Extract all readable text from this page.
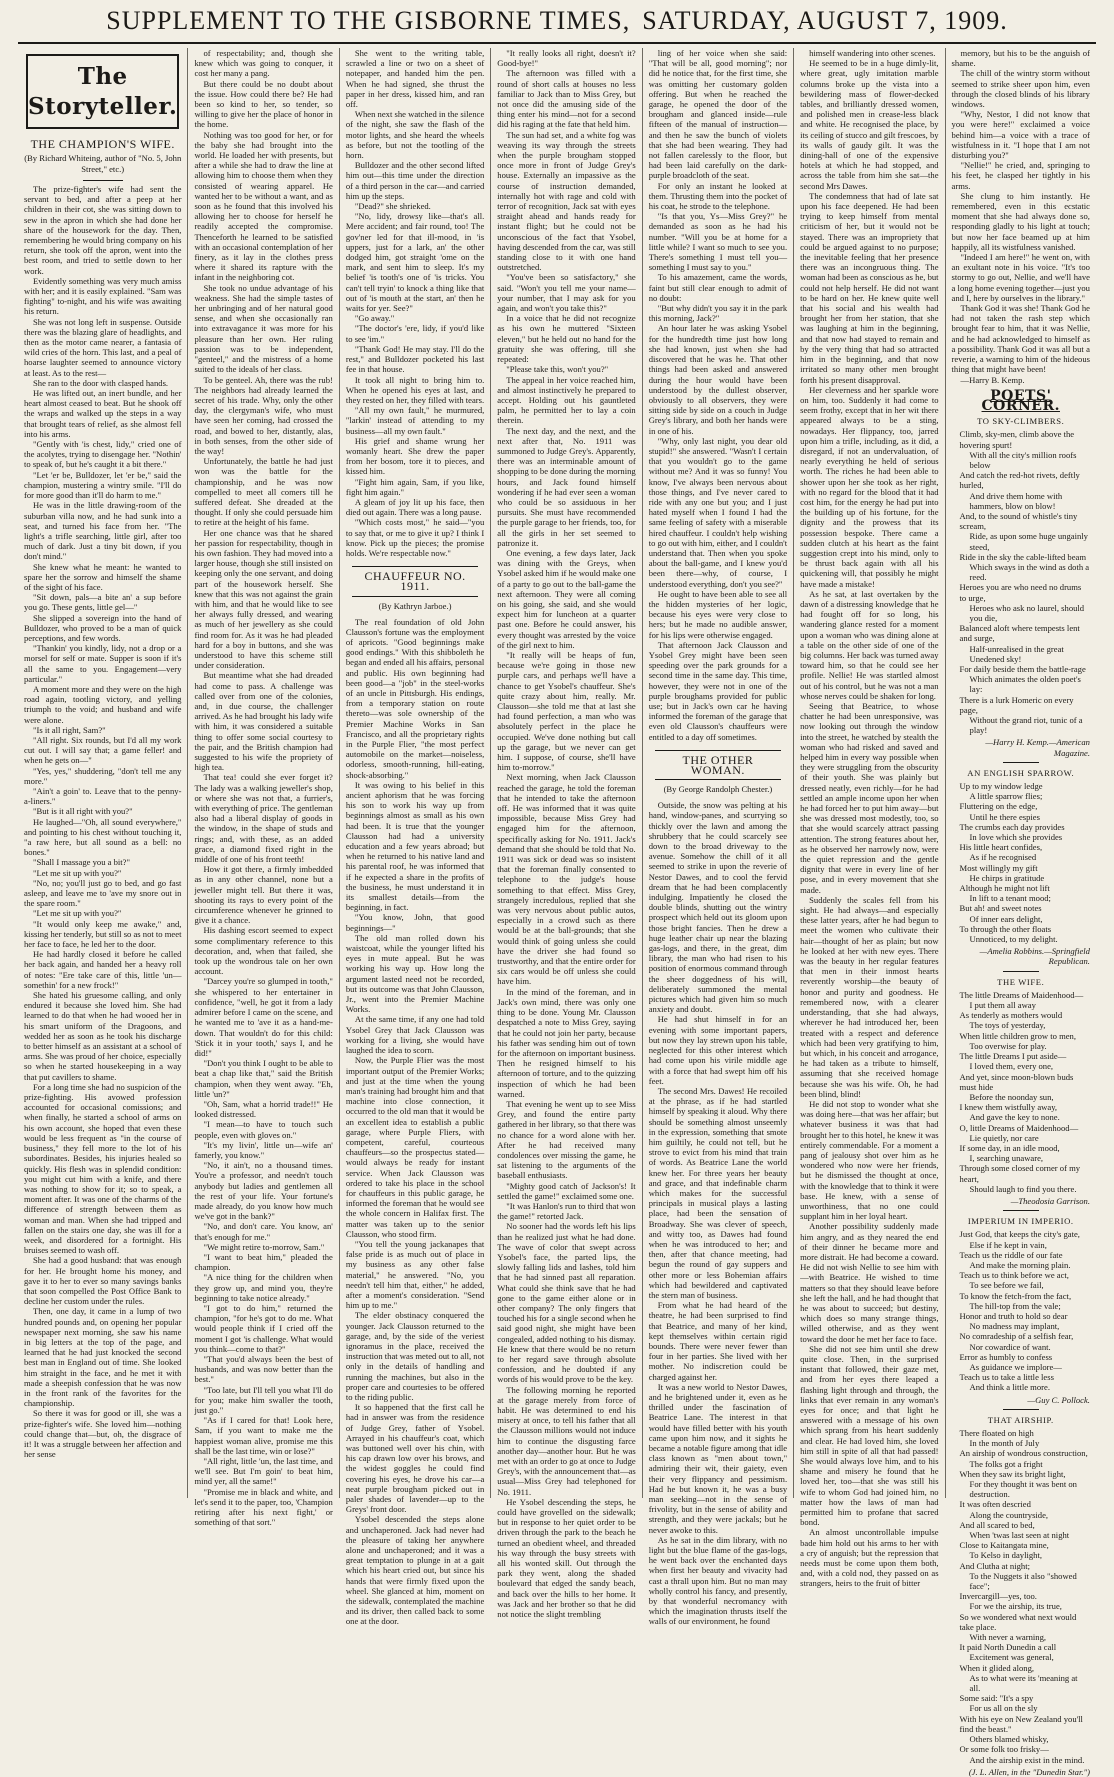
SUPPLEMENT TO THE GISBORNE TIMES, SATURDAY, AUGUST 7, 1909.
The Storyteller.
THE CHAMPION'S WIFE.
(By Richard Whiteing, author of "No. 5, John Street," etc.)

The prize-fighter's wife had sent the servant to bed, and after a peep at her children in their cot, she was sitting down to sew in the apron in which she had done her share of the housework for the day. Then, remembering he would bring company on his return, she took off the apron, went into the best room, and tried to settle down to her work.

Evidently something was very much amiss with her; and it is easily explained. "Sam was fighting" to-night, and his wife was awaiting his return.

She was not long left in suspense. Outside there was the blazing glare of headlights, and then as the motor came nearer, a fantasia of wild cries of the horn. This last, and a peal of hoarse laughter seemed to announce victory at least. As to the rest—

She ran to the door with clasped hands.

He was lifted out, an inert bundle, and her heart almost ceased to beat. But he shook off the wraps and walked up the steps in a way that brought tears of relief, as she almost fell into his arms.

"Gently with 'is chest, lidy," cried one of the acolytes, trying to disengage her. "Nothin' to speak of, but he's caught it a bit there."

"Let 'er be, Bulldozer, let 'er be," said the champion, mustering a wintry smile. "I'll do for more good than it'll do harm to me."

He was in the little drawing-room of the suburban villa now, and he had sunk into a seat, and turned his face from her. "The light's a trifle searching, little girl, after too much of dark. Just a tiny bit down, if you don't mind."

She knew what he meant: he wanted to spare her the sorrow and himself the shame of the sight of his face.

"Sit down, pals—a bite an' a sup before you go. These gents, little gel—"

She slipped a sovereign into the hand of Bulldozer, who proved to be a man of quick perceptions, and few words.

"Thankin' you kindly, lidy, not a drop or a morsel for self or mate. Supper is soon if it's all the same to you. Engagement—very particular."

A moment more and they were on the high road again, tootling victory, and yelling triumph to the void; and husband and wife were alone.

"Is it all right, Sam?"

"All right. Six rounds, but I'd all my work cut out. I will say that; a game feller! and when he gets on—"

"Yes, yes," shuddering, "don't tell me any more."

"Ain't a goin' to. Leave that to the penny-a-liners."

"But is it all right with you?"

He laughed—"Oh, all sound everywhere," and pointing to his chest without touching it, "a raw here, but all sound as a bell: no bones."

"Shall I massage you a bit?"

"Let me sit up with you?"

"No, no; you'll just go to bed, and go fast asleep, and leave me to 'ave my snore out in the spare room."

"Let me sit up with you?"

"It would only keep me awake," and, kissing her tenderly, but still so as not to meet her face to face, he led her to the door.

He had hardly closed it before he called her back again, and handed her a heavy roll of notes: "Ere take care of this, little 'un—somethin' for a new frock!"

She hated his gruesome calling, and only endured it because she loved him. She had learned to do that when he had wooed her in his smart uniform of the Dragoons, and wedded her as soon as he took his discharge to better himself as an assistant at a school of arms. She was proud of her choice, especially so when he started housekeeping in a way that put cavillers to shame.

For a long time she had no suspicion of the prize-fighting. His avowed profession accounted for occasional comissions; and when finally, he started a school of arms on his own account, she hoped that even these would be less frequent as "in the course of business," they fell more to the lot of his subordinates. Besides, his injuries healed so quickly. His flesh was in splendid condition: you might cut him with a knife, and there was nothing to show for it; so to speak, a moment after. It was one of the charms of the difference of strength between them as woman and man. When she had tripped and fallen on the stairs one day, she was ill for a week, and disordered for a fortnight. His bruises seemed to wash off.

She had a good husband: that was enough for her. He brought home his money, and gave it to her to ever so many savings banks that soon compelled the Post Office Bank to decline her custom under the rules.

Then, one day, it came in a lump of two hundred pounds and, on opening her popular newspaper next morning, she saw his name in big letters at the top of the page, and learned that he had just knocked the second best man in England out of time. She looked him straight in the face, and he met it with made a sheepish confession that he was now in the front rank of the favorites for the championship.

So there it was for good or ill, she was a prize-fighter's wife. She loved him—nothing could change that—but, oh, the disgrace of it! It was a struggle between her affection and her sense

of respectability; and, though she knew which was going to conquer, it cost her many a pang.

But there could be no doubt about the issue. How could there be? He had been so kind to her, so tender, so willing to give her the place of honor in the home.

Nothing was too good for her, or for the baby she had brought into the world. He loaded her with presents, but after a while she had to draw the line at allowing him to choose them when they consisted of wearing apparel. He wanted her to be without a want, and as soon as he found that this involved his allowing her to choose for herself he readily accepted the compromise. Thenceforth he learned to be satisfied with an occasional contemplation of her finery, as it lay in the clothes press where it shared its rapture with the infant in the neighboring cot.

She took no undue advantage of his weakness. She had the simple tastes of her unbringing and of her natural good sense, and when she occasionally ran into extravagance it was more for his pleasure than her own. Her ruling passion was to be independent, "genteel," and the mistress of a home suited to the ideals of her class.

To be genteel. Ah, there was the rub! The neighbors had already learned the secret of his trade. Why, only the other day, the clergyman's wife, who must have seen her coming, had crossed the road, and bowed to her, distantly, alas, in both senses, from the other side of the way!

Unfortunately, the battle he had just won was the battle for the championship, and he was now compelled to meet all comers till he suffered defeat. She dreaded at the thought. If only she could persuade him to retire at the height of his fame.

Her one chance was that he shared her passion for respectability, though in his own fashion. They had moved into a larger house, though she still insisted on keeping only the one servant, and doing part of the housework herself. She knew that this was not against the grain with him, and that he would like to see her always fully dressed, and wearing as much of her jewellery as she could find room for. As it was he had pleaded hard for a boy in buttons, and she was understood to have this scheme still under consideration.

But meantime what she had dreaded had come to pass. A challenge was called over from one of the colonies, and, in due course, the challenger arrived. As he had brought his lady wife with him, it was considered a suitable thing to offer some social courtesy to the pair, and the British champion had suggested to his wife the propriety of high tea.

That tea! could she ever forget it? The lady was a walking jeweller's shop, or where she was not that, a furrier's, with everything of price. The gentleman also had a liberal display of goods in the window, in the shape of studs and rings; and, with these, as an added grace, a diamond fixed right in the middle of one of his front teeth!

How it got there, a firmly imbedded as in any other channel, none but a jeweller might tell. But there it was, shooting its rays to every point of the circumference whenever he grinned to give it a chance.

His dashing escort seemed to expect some complimentary reference to this decoration, and, when that failed, she took up the wondrous tale on her own account.

"Darcey you're so glumped in tooth," she whispered to her entertainer in confidence, "well, he got it from a lady admirer before I came on the scene, and he wanted me to 'ave it as a hand-me-down. That wouldn't do for this child: 'Stick it in your tooth,' says I, and he did!"

"Don't you think I ought to be able to beat a chap like that," said the British champion, when they went away. "Eh, little 'un?"

"Oh, Sam, what a horrid trade!!" He looked distressed.

"I mean—to have to touch such people, even with gloves on."

"It's my livin', little un—wife an' famerly, you know."

"No, it ain't, no a thousand times. You're a professor, and needn't touch anybody but ladies and gentlemen all the rest of your life. Your fortune's made already, do you know how much we've got in the bank?"

"No, and don't care. You know, an' that's enough for me."

"We might retire to-morrow, Sam."

"I want to beat him," pleaded the champion.

"A nice thing for the children when they grow up, and mind you, they're beginning to take notice already."

"I got to do him," returned the champion, "for he's got to do me. What would people think if I cried off the moment I got 'is challenge. What would you think—come to that?"

"That you'd always been the best of husbands, and was now better than the best."

"Too late, but I'll tell you what I'll do for you; make him swaller the tooth, just go."

"As if I cared for that! Look here, Sam, if you want to make me the happiest woman alive, promise me this shall be the last time, win or lose?"

"All right, little 'un, the last time, and we'll see. But I'm goin' to beat him, mind yer, all the same!"

"Promise me in black and white, and let's send it to the paper, too, 'Champion retiring after his next fight,' or something of that sort."

She went to the writing table, scrawled a line or two on a sheet of notepaper, and handed him the pen. When he had signed, she thrust the paper in her dress, kissed him, and ran off.

When next she watched in the silence of the night, she saw the flash of the motor lights, and she heard the wheels as before, but not the tootling of the horn.

Bulldozer and the other second lifted him out—this time under the direction of a third person in the car—and carried him up the steps.

"Dead?" she shrieked.

"No, lidy, drowsy like—that's all. Mere accident; and fair round, too! The gov'ner led for that ill-mood, in 'is uppers, just for a lark, an' the other dodged him, got straight 'ome on the mark, and sent him to sleep. It's my belief 'is tooth's one of 'is tricks. You can't tell tryin' to knock a thing like that out of 'is mouth at the start, an' then he waits for yer. See?"

"Go away."

"The doctor's 'ere, lidy, if you'd like to see 'im."

"Thank God! He may stay. I'll do the rest," and Bulldozer pocketed his last fee in that house.

It took all night to bring him to. When he opened his eyes at last, and they rested on her, they filled with tears.

"All my own fault," he murmured, "larkin' instead of attending to my business—all my own fault."

His grief and shame wrung her womanly heart. She drew the paper from her bosom, tore it to pieces, and kissed him.

"Fight him again, Sam, if you like, fight him again."

A gleam of joy lit up his face, then died out again. There was a long pause.

"Which costs most," he said—"you to say that, or me to give it up? I think I know. Pick up the pieces; the promise holds. We're respectable now."

CHAUFFEUR NO. 1911.
(By Kathryn Jarboe.)

The real foundation of old John Clausson's fortune was the employment of apricots. "Good beginnings make good endings." With this shibboleth he began and ended all his affairs, personal and public. His own beginning had been good—a "job" in the steel-works of an uncle in Pittsburgh. His endings, from a temporary station on route thereto—was sole ownership of the Premier Machine Works in San Francisco, and all the proprietary rights in the Purple Flier, "the most perfect automobile on the market—noiseless, odorless, smooth-running, hill-eating, shock-absorbing."

It was owing to his belief in this ancient aphorism that he was forcing his son to work his way up from beginnings almost as small as his own had been. It is true that the younger Clausson had had a university education and a few years abroad; but when he returned to his native land and his parental roof, he was informed that if he expected a share in the profits of the business, he must understand it in its smallest details—from the beginning, in fact.

"You know, John, that good beginnings—"

The old man rolled down his waistcoat, while the younger lifted his eyes in mute appeal. But he was working his way up. How long the argument lasted need not be recorded, but its outcome was that John Clausson, Jr., went into the Premier Machine Works.

At the same time, if any one had told Ysobel Grey that Jack Clausson was working for a living, she would have laughed the idea to scorn.

Now, the Purple Flier was the most important output of the Premier Works; and just at the time when the young man's training had brought him and that machine into close connection, it occurred to the old man that it would be an excellent idea to establish a public garage, where Purple Fliers, with competent, careful, courteous chauffeurs—so the prospectus stated—would always be ready for instant service. When Jack Clausson was ordered to take his place in the school for chauffeurs in this public garage, he informed the foreman that he would see the whole concern in Halifax first. The matter was taken up to the senior Clausson, who stood firm.

"You tell the young jackanapes that false pride is as much out of place in my business as any other false material," he answered. "No, you needn't tell him that, either," he added, after a moment's consideration. "Send him up to me."

The elder obstinacy conquered the younger. Jack Clausson returned to the garage, and, by the side of the veriest ignoramus in the place, received the instruction that was meted out to all, not only in the details of handling and running the machines, but also in the proper care and courtesies to be offered to the riding public.

It so happened that the first call he had in answer was from the residence of Judge Grey, father of Ysobel. Arrayed in his chauffeur's coat, which was buttoned well over his chin, with his cap drawn low over his brows, and the widest goggles he could find covering his eyes, he drove his car—a neat purple brougham picked out in paler shades of lavender—up to the Greys' front door.

Ysobel descended the steps alone and unchaperoned. Jack had never had the pleasure of taking her anywhere alone and unchaperoned; and it was a great temptation to plunge in at a gait which his heart cried out, but since his hands that were firmly fixed upon the wheel. She glanced at him, moment on the sidewalk, contemplated the machine and its driver, then called back to some one at the door.

"It really looks all right, doesn't it? Good-bye!"

The afternoon was filled with a round of short calls at houses no less familiar to Jack than to Miss Grey, but not once did the amusing side of the thing enter his mind—not for a second did his raging at the fate that held him.

The sun had set, and a white fog was weaving its way through the streets when the purple brougham stopped once more in front of Judge Grey's house. Externally an impassive as the course of instruction demanded, internally hot with rage and cold with terror of recognition, Jack sat with eyes straight ahead and hands ready for instant flight; but he could not be unconscious of the fact that Ysobel, having descended from the car, was still standing close to it with one hand outstretched.

"You've been so satisfactory," she said. "Won't you tell me your name—your number, that I may ask for you again, and won't you take this?"

In a voice that he did not recognize as his own he muttered "Sixteen eleven," but he held out no hand for the gratuity she was offering, till she repeated:

"Please take this, won't you?"

The appeal in her voice reached him, and almost instinctively he prepared to accept. Holding out his gauntleted palm, he permitted her to lay a coin therein.

The next day, and the next, and the next after that, No. 1911 was summoned to Judge Grey's. Apparently, there was an interminable amount of shopping to be done during the morning hours, and Jack found himself wondering if he had ever seen a woman who could be so assiduous in her pursuits. She must have recommended the purple garage to her friends, too, for all the girls in her set seemed to patronize it.

One evening, a few days later, Jack was dining with the Greys, when Ysobel asked him if he would make one of a party to go out to the ball-game the next afternoon. They were all coming on his going, she said, and she would expect him for luncheon at a quarter past one. Before he could answer, his every thought was arrested by the voice of the girl next to him.

"It really will be heaps of fun, because we're going in those new purple cars, and perhaps we'll have a chance to get Ysobel's chauffeur. She's quite crazy about him, really. Mr. Clausson—she told me that at last she had found perfection, a man who was absolutely perfect in the place he occupied. We've done nothing but call up the garage, but we never can get him. I suppose, of course, she'll have him to-morrow."

Next morning, when Jack Clausson reached the garage, he told the foreman that he intended to take the afternoon off. He was informed that it was quite impossible, because Miss Grey had engaged him for the afternoon, specifically asking for No. 1911. Jack's demand that she should be told that No. 1911 was sick or dead was so insistent that the foreman finally consented to telephone to the judge's house something to that effect. Miss Grey, strangely incredulous, replied that she was very nervous about public autos, especially in a crowd such as there would be at the ball-grounds; that she would think of going unless she could have the driver she had found so trustworthy, and that the entire order for six cars would be off unless she could have him.

In the mind of the foreman, and in Jack's own mind, there was only one thing to be done. Young Mr. Clausson despatched a note to Miss Grey, saying that he could not join her party, because his father was sending him out of town for the afternoon on important business. Then he resigned himself to his afternoon of torture, and to the quizzing inspection of which he had been warned.

That evening he went up to see Miss Grey, and found the entire party gathered in her library, so that there was no chance for a word alone with her. After he had received many condolences over missing the game, he sat listening to the arguments of the baseball enthusiasts.

"Mighty good catch of Jackson's! It settled the game!" exclaimed some one.

"It was Hanlon's run to third that won the game!" retorted Jack.

No sooner had the words left his lips than he realized just what he had done. The wave of color that swept across Ysobel's face, the parted lips, the slowly falling lids and lashes, told him that he had sinned past all reparation. What could she think save that he had gone to the game either alone or in other company? The only fingers that touched his for a single second when he said good night, she might have been congealed, added nothing to his dismay. He knew that there would be no return to her regard save through absolute confession, and he doubted if any words of his would prove to be the key.

The following morning he reported at the garage merely from force of habit. He was determined to end his misery at once, to tell his father that all the Clausson millions would not induce him to continue the disgusting farce another day—another hour. But he was met with an order to go at once to Judge Grey's, with the announcement that—as usual—Miss Grey had telephoned for No. 1911.

He Ysobel descending the steps, he could have grovelled on the sidewalk; but in response to her quiet order to be driven through the park to the beach he turned an obedient wheel, and threaded his way through the busy streets with all his wonted skill. Out through the park they went, along the shaded boulevard that edged the sandy beach, and back over the hills to her home. It was Jack and her brother so that he did not notice the slight trembling

ling of her voice when she said: "That will be all, good morning"; nor did he notice that, for the first time, she was omitting her customary golden offering. But when he reached the garage, he opened the door of the brougham and glanced inside—rule fifteen of the manual of instruction—and then he saw the bunch of violets that she had been wearing. They had not fallen carelessly to the floor, but had been laid carefully on the dark-purple broadcloth of the seat.

For only an instant he looked at them. Thrusting them into the pocket of his coat, he strode to the telephone.

"Is that you, Ys—Miss Grey?" he demanded as soon as he had his number. "Will you be at home for a little while? I want so much to see you. There's something I must tell you—something I must say to you."

To his amazement, came the words, faint but still clear enough to admit of no doubt:

"But why didn't you say it in the park this morning, Jack?"

An hour later he was asking Ysobel for the hundredth time just how long she had known, just when she had discovered that he was he. That other things had been asked and answered during the hour would have been understood by the dullest observer, obviously to all observers, they were sitting side by side on a couch in Judge Grey's library, and both her hands were in one of his.

"Why, only last night, you dear old stupid!" she answered. "Wasn't I certain that you wouldn't go to the game without me? And it was so funny! You know, I've always been nervous about those things, and I've never cared to ride with any one but you; and I just hated myself when I found I had the same feeling of safety with a miserable hired chauffeur. I couldn't help wishing to go out with him, either, and I couldn't understand that. Then when you spoke about the ball-game, and I knew you'd been there—why, of course, I understood everything, don't you see?"

He ought to have been able to see all the hidden mysteries of her logic, because his eyes were very close to hers; but he made no audible answer, for his lips were otherwise engaged.

That afternoon Jack Clausson and Ysobel Grey might have been seen speeding over the park grounds for a second time in the same day. This time, however, they were not in one of the purple broughams provided for public use; but in Jack's own car he having informed the foreman of the garage that even old Clausson's chauffeurs were entitled to a day off sometimes.

THE OTHER WOMAN.
(By George Randolph Chester.)

Outside, the snow was pelting at his hand, window-panes, and scurrying so thickly over the lawn and among the shrubbery that he could scarcely see down to the broad driveway to the avenue. Somehow the chill of it all seemed to strike in upon the reverie of Nestor Dawes, and to cool the fervid dream that he had been complacently indulging. Impatiently he closed the double blinds, shutting out the wintry prospect which held out its gloom upon those bright fancies. Then he drew a huge leather chair up near the blazing gas-logs, and there, in the great, dim library, the man who had risen to his position of enormous command through the sheer doggedness of his will, deliberately summoned the mental pictures which had given him so much anxiety and doubt.

He had shut himself in for an evening with some important papers, but now they lay strewn upon his table, neglected for this other interest which had come upon his virile middle age with a force that had swept him off his feet.

The second Mrs. Dawes! He recoiled at the phrase, as if he had startled himself by speaking it aloud. Why there should be something almost unseemly in the expression, something that smote him guiltily, he could not tell, but he strove to evict from his mind that train of words. As Beatrice Lane the world knew her. For three years her beauty and grace, and that indefinable charm which makes for the successful principals in musical plays a lasting place, had been the sensation of Broadway. She was clever of speech, and witty too, as Dawes had found when he was introduced to her; and then, after that chance meeting, had begun the round of gay suppers and other more or less Bohemian affairs which had bewildered and captivated the stern man of business.

From what he had heard of the theatre, he had been surprised to find that Beatrice, and many of her kind, kept themselves within certain rigid bounds. There were never fewer than four in her parties. She lived with her mother. No indiscretion could be charged against her.

It was a new world to Nestor Dawes, and he brightened under it, even as he thrilled under the fascination of Beatrice Lane. The interest in that would have filled better with his youth came upon him now, and it sights he became a notable figure among that idle class known as "men about town," admiring their wit, their gaiety, even their very flippancy and pessimism. Had he but known it, he was a busy man seeking—not in the sense of frivolity, but in the sense of ability and strength, and they were jackals; but he never awoke to this.

As he sat in the dim library, with no light but the blue flame of the gas-logs, he went back over the enchanted days when first her beauty and vivacity had cast a thrall upon him. But no man may wholly control his fancy, and presently, by that wonderful necromancy with which the imagination thrusts itself the walls of our environment, he found

himself wandering into other scenes.

He seemed to be in a huge dimly-lit, where great, ugly imitation marble columns broke up the vista into a bewildering mass of flower-decked tables, and brilliantly dressed women, and polished men in crease-less black and white. He recognised the place, by its ceiling of stucco and gilt frescoes, by its walls of gaudy gilt. It was the dining-hall of one of the expensive hotels at which he had stopped, and across the table from him she sat—the second Mrs Dawes.

The condemness that had of late sat upon his face deepened. He had been trying to keep himself from mental criticism of her, but it would not be stayed. There was an impropriety that could be argued against to no purpose; the inevitable feeling that her presence there was an incongruous thing. The woman had been as conscious as he, but could not help herself. He did not want to be hard on her. He knew quite well that his social and his wealth had brought her from her station, that she was laughing at him in the beginning, and that now had stayed to remain and by the very thing that had so attracted him in the beginning, and that now irritated so many other men brought forth his present disapproval.

Her cleverness and her sparkle wore on him, too. Suddenly it had come to seem frothy, except that in her wit there appeared always to be a sting, nowadays. Her flippancy, too, jarred upon him a trifle, including, as it did, a disregard, if not an undervaluation, of nearly everything he held of serious worth. The riches he had been able to shower upon her she took as her right, with no regard for the blood that it had cost him, for the energy he had put into the building up of his fortune, for the dignity and the prowess that its possession bespoke. There came a sudden clutch at his heart as the faint suggestion crept into his mind, only to be thrust back again with all his quickening will, that possibly he might have made a mistake!

As he sat, at last overtaken by the dawn of a distressing knowledge that he had fought off for so long, his wandering glance rested for a moment upon a woman who was dining alone at a table on the other side of one of the big columns. Her back was turned away toward him, so that he could see her profile. Nellie! He was startled almost out of his control, but he was not a man whose nerves could be shaken for long.

Seeing that Beatrice, to whose chatter he had been unresponsive, was now looking out through the window into the street, he watched by stealth the woman who had risked and saved and helped him in every way possible when they were struggling from the obscurity of their youth. She was plainly but dressed neatly, even richly—for he had settled an ample income upon her when he had forced her to put him away—but she was dressed most modestly, too, so that she would scarcely attract passing attention. The strong features about her, as he observed her narrowly now, were the quiet repression and the gentle dignity that were in every line of her pose, and in every movement that she made.

Suddenly the scales fell from his sight. He had always—and especially these latter years, after he had begun to meet the women who cultivate their hair—thought of her as plain; but now he looked at her with new eyes. There was the beauty in her regular features that men in their inmost hearts reverently worship—the beauty of honor and purity and goodness. He remembered now, with a clearer understanding, that she had always, wherever he had introduced her, been treated with a respect and deference which had been very gratifying to him, but which, in his conceit and arrogance, he had taken as a tribute to himself, assuming that she received homage because she was his wife. Oh, he had been blind, blind!

He did not stop to wonder what she was doing here—that was her affair; but whatever business it was that had brought her to this hotel, he knew it was entirely commendable. For a moment a pang of jealousy shot over him as he wondered who now were her friends, but he dismissed the thought at once, with the knowledge that to think it were base. He knew, with a sense of unworthiness, that no one could supplant him in her loyal heart.

Another possibility suddenly made him angry, and as they neared the end of their dinner he became more and more distrait. He had become a coward. He did not wish Nellie to see him with—with Beatrice. He wished to time matters so that they should leave before she left the hall, and he had thought that he was about to succeed; but destiny, which does so many strange things, willed otherwise, and as they went toward the door he met her face to face.

She did not see him until she drew quite close. Then, in the surprised instant that followed, their gaze met, and from her eyes there leaped a flashing light through and through, the links that ever remain in any woman's eyes for once; and that light he answered with a message of his own which sprang from his heart suddenly and clear. He had loved him, she loved him still in spite of all that had passed! She would always love him, and to his shame and misery he found that he loved her, too—that she was still his wife to whom God had joined him, no matter how the laws of man had permitted him to profane that sacred bond.

An almost uncontrollable impulse bade him hold out his arms to her with a cry of anguish; but the repression that needs must be come upon them both, and, with a cold nod, they passed on as strangers, heirs to the fruit of bitter

memory, but his to be the anguish of shame.

The chill of the wintry storm without seemed to strike sheer upon him, even through the closed blinds of his library windows.

"Why, Nestor, I did not know that you were here!" exclaimed a voice behind him—a voice with a trace of wistfulness in it. "I hope that I am not disturbing you?"

"Nellie!" he cried, and, springing to his feet, he clasped her tightly in his arms.

She clung to him instantly. He remembered, even in this ecstatic moment that she had always done so, responding gladly to his light at touch; but now her face beamed up at him happily, all its wistfulness vanished.

"Indeed I am here!" he went on, with an exultant note in his voice. "It's too stormy to go out, Nellie, and we'll have a long home evening together—just you and I, here by ourselves in the library."

Thank God it was she! Thank God he had not taken the rash step which brought fear to him, that it was Nellie, and he had acknowledged to himself as a possibility. Thank God it was all but a reverie, a warning to him of the hideous thing that might have been!

—Harry B. Kemp.

POETS' CORNER.
TO SKY-CLIMBERS.
Climb, sky-men, climb above the hovering spurt!
With all the city's million roofs below
And catch the red-hot rivets, deftly hurled,
And drive them home with hammers, blow on blow!
And, to the sound of whistle's tiny scream,
Ride, as upon some huge ungainly steed,
Ride in the sky the cable-lifted beam
Which sways in the wind as doth a reed.
Heroes you are who need no drums to urge,
Heroes who ask no laurel, should you die,
Balanced aloft where tempests lent and surge,
Half-unrealised in the great Unedened sky!
For daily beside them the battle-rage
Which animates the olden poet's lay:
There is a lurk Homeric on every page,
Without the grand riot, tunic of a play!
—Harry H. Kemp.—American Magazine.
AN ENGLISH SPARROW.
Up to my window ledge
A little sparrow flies;
Fluttering on the edge,
Until he there espies
The crumbs each day provides
In love which she provides
His little heart confides,
As if he recognised
Most willingly my gift
He chirps in gratitude
Although he might not lift
In lift to a tenant mood;
But ah! and sweet notes
Of inner ears delight,
To through the other floats
Unnoticed, to my delight.
—Amelia Robbins.—Springfield Republican.
THE WIFE.
The little Dreams of Maidenhood—
I put them all away
As tenderly as mothers would
The toys of yesterday,
When little children grow to men,
Too overwise for play.
The little Dreams I put aside—
I loved them, every one,
And yet, since moon-blown buds must hide
Before the noonday sun,
I knew them wistfully away,
And gave the key to none.
O, little Dreams of Maidenhood—
Lie quietly, nor care
If some day, in an idle mood,
I, searching unaware,
Through some closed corner of my heart,
Should laugh to find you there.
—Theodosia Garrison.
IMPERIUM IN IMPERIO.
Just God, that keeps the city's gate,
Else if he kept in vain,
Teach us the riddle of our fate
And make the morning plain.
Teach us to think before we act,
To see before we fail,
To know the fetch-from the fact,
The hill-top from the vale;
Honor and truth to hold so dear
No madness may implant,
No comradeship of a selfish fear,
Nor cowardice of want.
Error as humbly to confess
As guidance we implore—
Teach us to take a little less
And think a little more.
—Guy C. Pollock.
THAT AIRSHIP.
There floated on high
In the month of July
An airship of wondrous construction,
The folks got a fright
When they saw its bright light,
For they thought it was bent on destruction.
It was often descried
Along the countryside,
And all scared to bed,
When 'twas last seen at night
Close to Kaitangata mine,
To Kelso in daylight,
And Clutha at night;
To the Nuggets it also "showed face";
Invercargill—yes, too.
For we the airship, its true,
So we wondered what next would take place.
With never a warning,
It paid North Dunedin a call
Excitement was general,
When it glided along,
As to what were its 'meaning at all.
Some said: "It's a spy
For us all on the sly
With his eye on New Zealand you'll find the beast."
Others blamed whisky,
Or some folk too frisky—
And the airship exist in the mind.
(J. L. Allen, in the "Dunedin Star.")
